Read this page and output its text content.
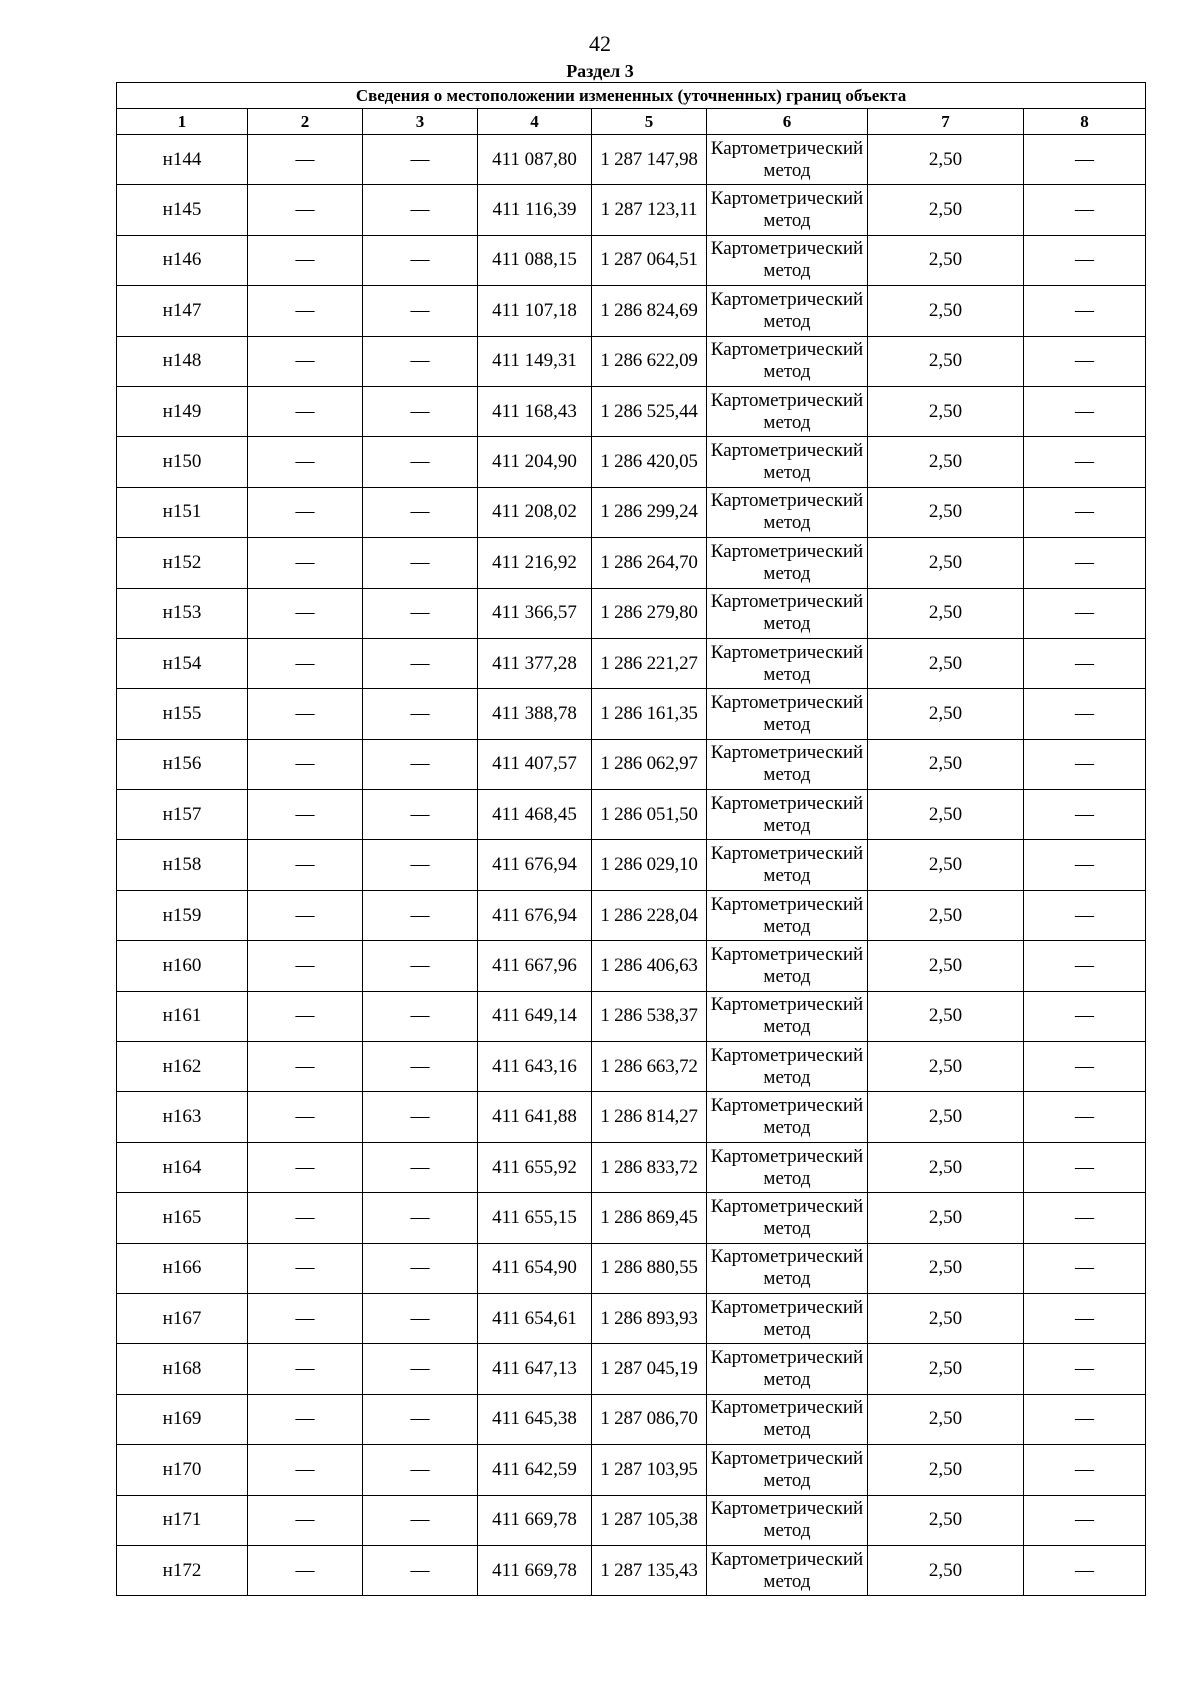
42
Раздел 3
Сведения о местоположении измененных (уточненных) границ объекта							
1	2	3	4	5	6	7	8
н144	—	—	411 087,80	1 287 147,98	Картометрический метод	2,50	—
н145	—	—	411 116,39	1 287 123,11	Картометрический метод	2,50	—
н146	—	—	411 088,15	1 287 064,51	Картометрический метод	2,50	—
н147	—	—	411 107,18	1 286 824,69	Картометрический метод	2,50	—
н148	—	—	411 149,31	1 286 622,09	Картометрический метод	2,50	—
н149	—	—	411 168,43	1 286 525,44	Картометрический метод	2,50	—
н150	—	—	411 204,90	1 286 420,05	Картометрический метод	2,50	—
н151	—	—	411 208,02	1 286 299,24	Картометрический метод	2,50	—
н152	—	—	411 216,92	1 286 264,70	Картометрический метод	2,50	—
н153	—	—	411 366,57	1 286 279,80	Картометрический метод	2,50	—
н154	—	—	411 377,28	1 286 221,27	Картометрический метод	2,50	—
н155	—	—	411 388,78	1 286 161,35	Картометрический метод	2,50	—
н156	—	—	411 407,57	1 286 062,97	Картометрический метод	2,50	—
н157	—	—	411 468,45	1 286 051,50	Картометрический метод	2,50	—
н158	—	—	411 676,94	1 286 029,10	Картометрический метод	2,50	—
н159	—	—	411 676,94	1 286 228,04	Картометрический метод	2,50	—
н160	—	—	411 667,96	1 286 406,63	Картометрический метод	2,50	—
н161	—	—	411 649,14	1 286 538,37	Картометрический метод	2,50	—
н162	—	—	411 643,16	1 286 663,72	Картометрический метод	2,50	—
н163	—	—	411 641,88	1 286 814,27	Картометрический метод	2,50	—
н164	—	—	411 655,92	1 286 833,72	Картометрический метод	2,50	—
н165	—	—	411 655,15	1 286 869,45	Картометрический метод	2,50	—
н166	—	—	411 654,90	1 286 880,55	Картометрический метод	2,50	—
н167	—	—	411 654,61	1 286 893,93	Картометрический метод	2,50	—
н168	—	—	411 647,13	1 287 045,19	Картометрический метод	2,50	—
н169	—	—	411 645,38	1 287 086,70	Картометрический метод	2,50	—
н170	—	—	411 642,59	1 287 103,95	Картометрический метод	2,50	—
н171	—	—	411 669,78	1 287 105,38	Картометрический метод	2,50	—
н172	—	—	411 669,78	1 287 135,43	Картометрический метод	2,50	—
